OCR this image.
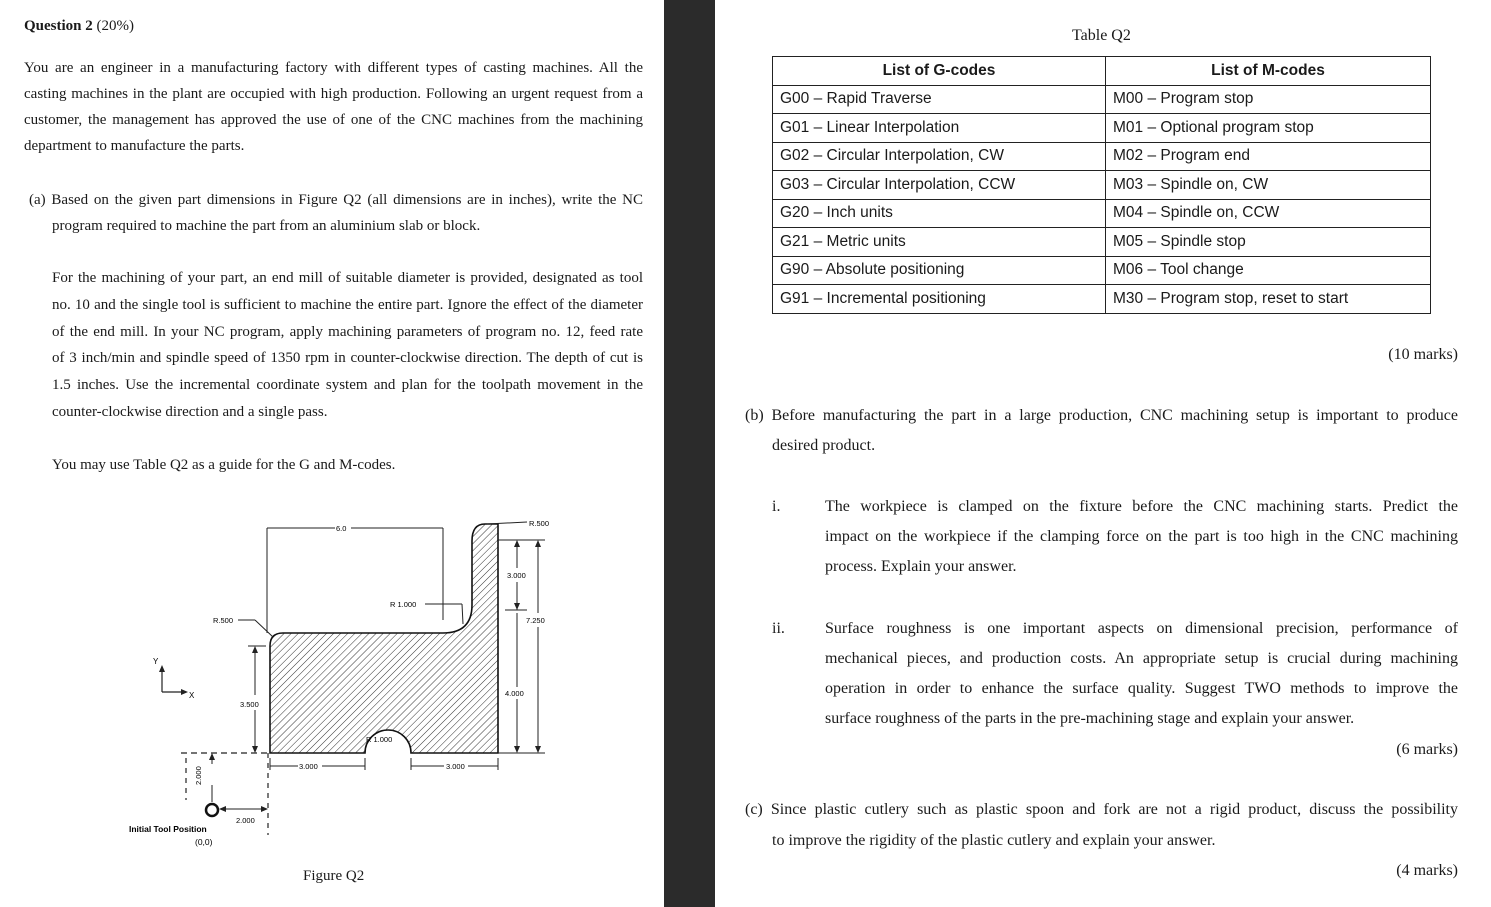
Question 2 (20%)
You are an engineer in a manufacturing factory with different types of casting machines. All the
casting machines in the plant are occupied with high production. Following an urgent request from a
customer, the management has approved the use of one of the CNC machines from the machining
department to manufacture the parts.
(a) Based on the given part dimensions in Figure Q2 (all dimensions are in inches), write the NC
program required to machine the part from an aluminium slab or block.
For the machining of your part, an end mill of suitable diameter is provided, designated as tool
no. 10 and the single tool is sufficient to machine the entire part. Ignore the effect of the diameter
of the end mill. In your NC program, apply machining parameters of program no. 12, feed rate
of 3 inch/min and spindle speed of 1350 rpm in counter-clockwise direction. The depth of cut is
1.5 inches. Use the incremental coordinate system and plan for the toolpath movement in the
counter-clockwise direction and a single pass.
You may use Table Q2 as a guide for the G and M-codes.
6.0
R.500
R 1.000
R.500
3.000
7.250
4.000
3.500
R 1.000
3.000	3.000
2.000
2.000
Initial Tool Position
(0,0)
Y
X
Figure Q2
Table Q2
List of G-codes	List of M-codes
G00 – Rapid Traverse	M00 – Program stop
G01 – Linear Interpolation	M01 – Optional program stop
G02 – Circular Interpolation, CW	M02 – Program end
G03 – Circular Interpolation, CCW	M03 – Spindle on, CW
G20 – Inch units	M04 – Spindle on, CCW
G21 – Metric units	M05 – Spindle stop
G90 – Absolute positioning	M06 – Tool change
G91 – Incremental positioning	M30 – Program stop, reset to start
(10 marks)
(b) Before manufacturing the part in a large production, CNC machining setup is important to produce
desired product.
i.	The workpiece is clamped on the fixture before the CNC machining starts. Predict the
impact on the workpiece if the clamping force on the part is too high in the CNC machining
process. Explain your answer.
ii.	Surface roughness is one important aspects on dimensional precision, performance of
mechanical pieces, and production costs. An appropriate setup is crucial during machining
operation in order to enhance the surface quality. Suggest TWO methods to improve the
surface roughness of the parts in the pre-machining stage and explain your answer.
(6 marks)
(c) Since plastic cutlery such as plastic spoon and fork are not a rigid product, discuss the possibility
to improve the rigidity of the plastic cutlery and explain your answer.
(4 marks)
